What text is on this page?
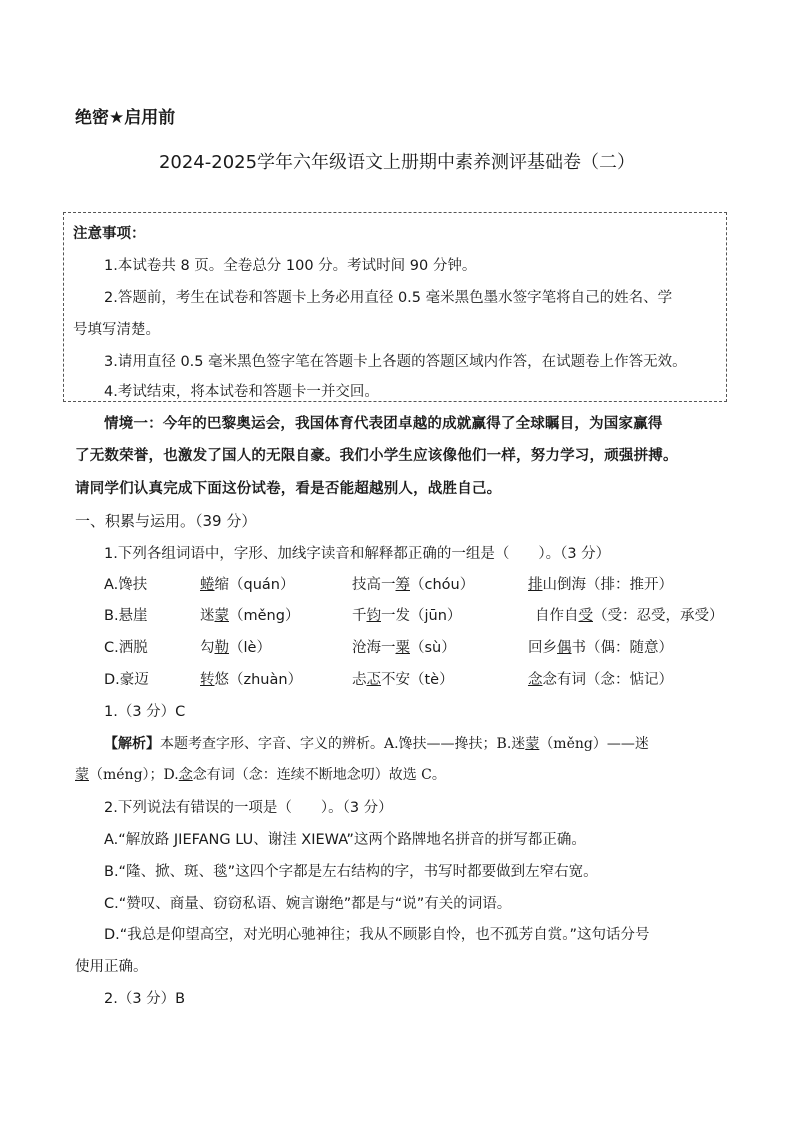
绝密★启用前
2024-2025学年六年级语文上册期中素养测评基础卷（二）
注意事项：
1.本试卷共 8 页。全卷总分 100 分。考试时间 90 分钟。
2.答题前，考生在试卷和答题卡上务必用直径 0.5 毫米黑色墨水签字笔将自己的姓名、学
号填写清楚。
3.请用直径 0.5 毫米黑色签字笔在答题卡上各题的答题区域内作答，在试题卷上作答无效。
4.考试结束，将本试卷和答题卡一并交回。
情境一：今年的巴黎奥运会，我国体育代表团卓越的成就赢得了全球瞩目，为国家赢得
了无数荣誉，也激发了国人的无限自豪。我们小学生应该像他们一样，努力学习，顽强拼搏。
请同学们认真完成下面这份试卷，看是否能超越别人，战胜自己。
一、积累与运用。（39 分）
1.下列各组词语中，字形、加线字读音和解释都正确的一组是（　　）。（3 分）
A.馋扶	蜷缩（quán）	技高一筹（chóu）	排山倒海（排：推开）
B.悬崖	迷蒙（měng）	千钧一发（jūn）	自作自受（受：忍受，承受）
C.洒脱	勾勒（lè）	沧海一粟（sù）	回乡偶书（偶：随意）
D.豪迈	转悠（zhuàn）	忐忑不安（tè）	念念有词（念：惦记）
1.（3 分）C
【解析】本题考查字形、字音、字义的辨析。A.馋扶——搀扶；B.迷蒙（měng）——迷
蒙（méng）；D.念念有词（念：连续不断地念叨）故选 C。
2.下列说法有错误的一项是（　　）。（3 分）
A.“解放路 JIEFANG LU、谢洼 XIEWA”这两个路牌地名拼音的拼写都正确。
B.“隆、掀、斑、毯”这四个字都是左右结构的字，书写时都要做到左窄右宽。
C.“赞叹、商量、窃窃私语、婉言谢绝”都是与“说”有关的词语。
D.“我总是仰望高空，对光明心驰神往；我从不顾影自怜，也不孤芳自赏。”这句话分号
使用正确。
2.（3 分）B
